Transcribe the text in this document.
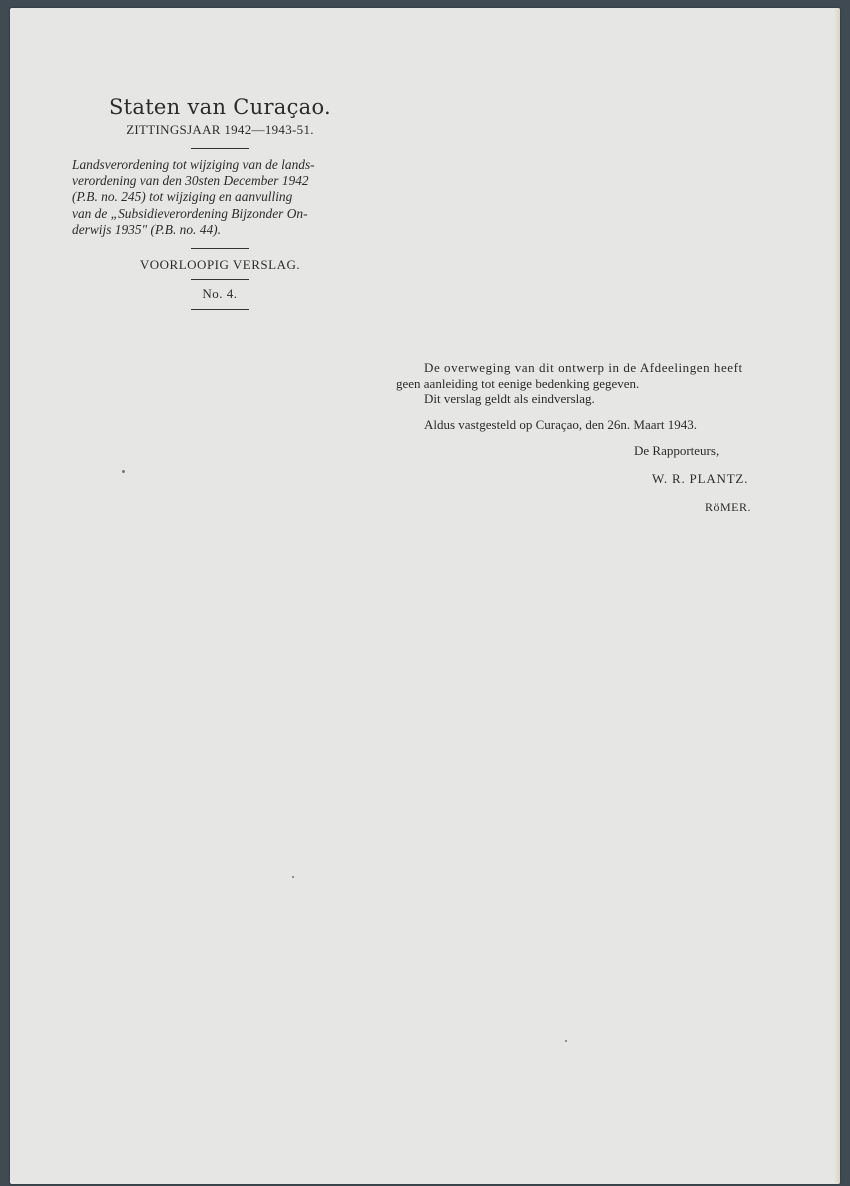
Staten van Curaçao.
ZITTINGSJAAR 1942—1943-51.

Landsverordening tot wijziging van de lands-
verordening van den 30sten December 1942
(P.B. no. 245) tot wijziging en aanvulling
van de „Subsidieverordening Bijzonder On-
derwijs 1935" (P.B. no. 44).

VOORLOOPIG VERSLAG.
No. 4.

De overweging van dit ontwerp in de Afdeelingen heeft

geen aanleiding tot eenige bedenking gegeven.

Dit verslag geldt als eindverslag.

Aldus vastgesteld op Curaçao, den 26n. Maart 1943.

De Rapporteurs,

W. R. PLANTZ.

RöMER.
